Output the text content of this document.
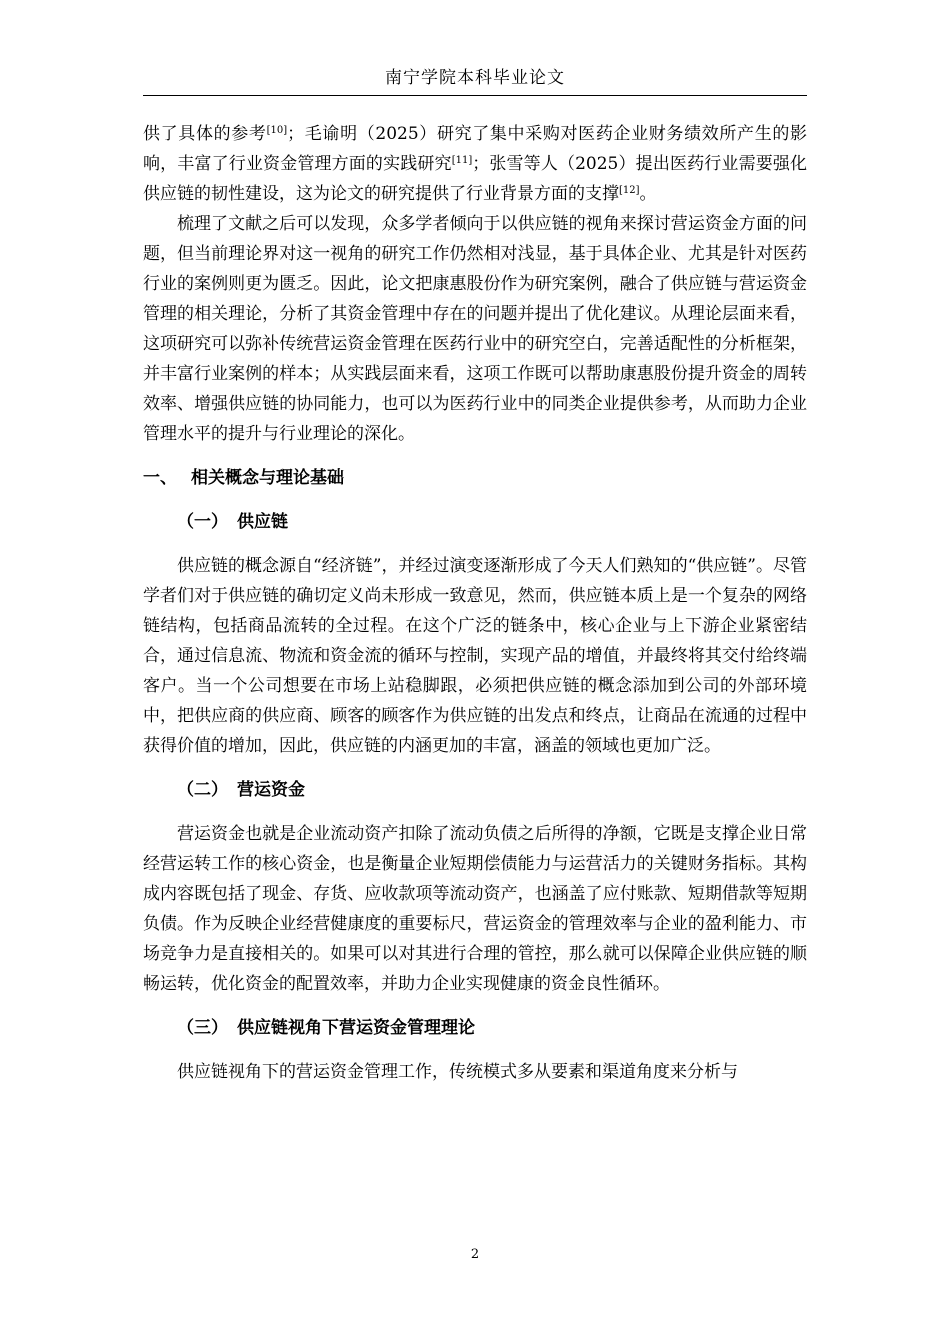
南宁学院本科毕业论文

供了具体的参考[10]；毛谕明（2025）研究了集中采购对医药企业财务绩效所产生的影响，丰富了行业资金管理方面的实践研究[11]；张雪等人（2025）提出医药行业需要强化供应链的韧性建设，这为论文的研究提供了行业背景方面的支撑[12]。

梳理了文献之后可以发现，众多学者倾向于以供应链的视角来探讨营运资金方面的问题，但当前理论界对这一视角的研究工作仍然相对浅显，基于具体企业、尤其是针对医药行业的案例则更为匮乏。因此，论文把康惠股份作为研究案例，融合了供应链与营运资金管理的相关理论，分析了其资金管理中存在的问题并提出了优化建议。从理论层面来看，这项研究可以弥补传统营运资金管理在医药行业中的研究空白，完善适配性的分析框架，并丰富行业案例的样本；从实践层面来看，这项工作既可以帮助康惠股份提升资金的周转效率、增强供应链的协同能力，也可以为医药行业中的同类企业提供参考，从而助力企业管理水平的提升与行业理论的深化。

一、 相关概念与理论基础
（一） 供应链

供应链的概念源自“经济链”，并经过演变逐渐形成了今天人们熟知的“供应链”。尽管学者们对于供应链的确切定义尚未形成一致意见，然而，供应链本质上是一个复杂的网络链结构，包括商品流转的全过程。在这个广泛的链条中，核心企业与上下游企业紧密结合，通过信息流、物流和资金流的循环与控制，实现产品的增值，并最终将其交付给终端客户。当一个公司想要在市场上站稳脚跟，必须把供应链的概念添加到公司的外部环境中，把供应商的供应商、顾客的顾客作为供应链的出发点和终点，让商品在流通的过程中获得价值的增加，因此，供应链的内涵更加的丰富，涵盖的领域也更加广泛。

（二） 营运资金

营运资金也就是企业流动资产扣除了流动负债之后所得的净额，它既是支撑企业日常经营运转工作的核心资金，也是衡量企业短期偿债能力与运营活力的关键财务指标。其构成内容既包括了现金、存货、应收款项等流动资产，也涵盖了应付账款、短期借款等短期负债。作为反映企业经营健康度的重要标尺，营运资金的管理效率与企业的盈利能力、市场竞争力是直接相关的。如果可以对其进行合理的管控，那么就可以保障企业供应链的顺畅运转，优化资金的配置效率，并助力企业实现健康的资金良性循环。

（三） 供应链视角下营运资金管理理论

供应链视角下的营运资金管理工作，传统模式多从要素和渠道角度来分析与

2
